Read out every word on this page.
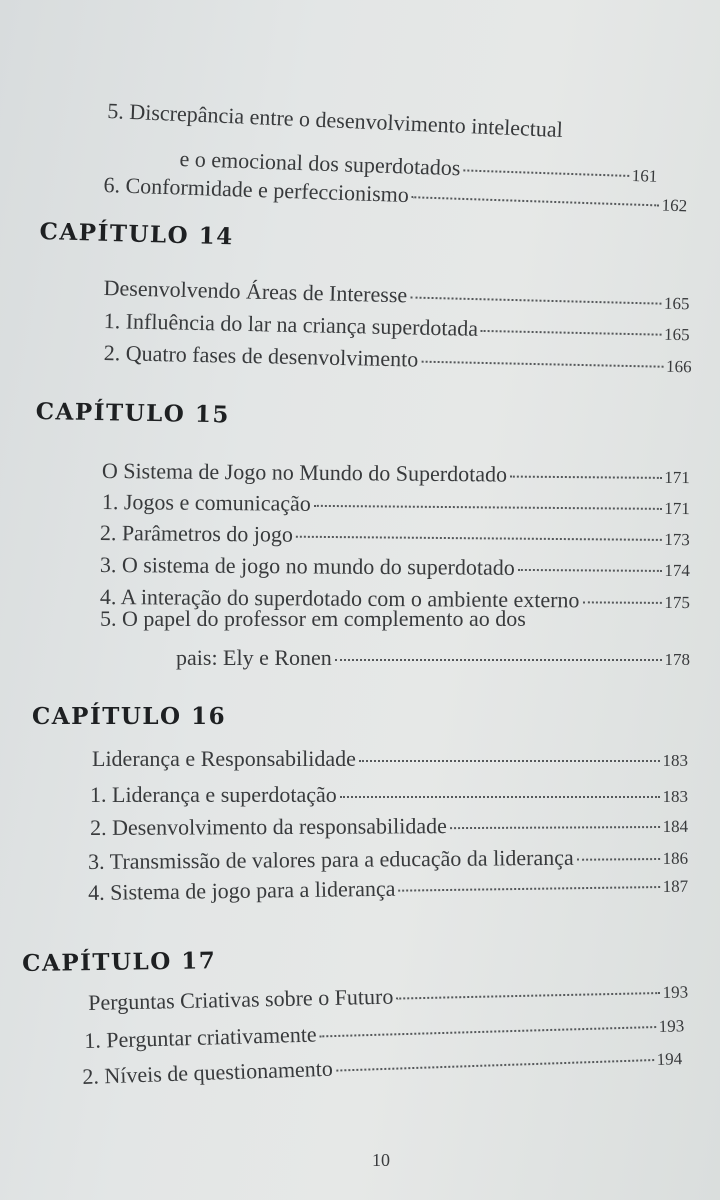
5. Discrepância entre o desenvolvimento intelectual
e o emocional dos superdotados	161
6. Conformidade e perfeccionismo	162
CAPÍTULO 14
Desenvolvendo Áreas de Interesse	165
1. Influência do lar na criança superdotada	165
2. Quatro fases de desenvolvimento	166
CAPÍTULO 15
O Sistema de Jogo no Mundo do Superdotado	171
1. Jogos e comunicação	171
2. Parâmetros do jogo	173
3. O sistema de jogo no mundo do superdotado	174
4. A interação do superdotado com o ambiente externo	175
5. O papel do professor em complemento ao dos
pais: Ely e Ronen	178
CAPÍTULO 16
Liderança e Responsabilidade	183
1. Liderança e superdotação	183
2. Desenvolvimento da responsabilidade	184
3. Transmissão de valores para a educação da liderança	186
4. Sistema de jogo para a liderança	187
CAPÍTULO 17
Perguntas Criativas sobre o Futuro	193
1. Perguntar criativamente	193
2. Níveis de questionamento	194
10
